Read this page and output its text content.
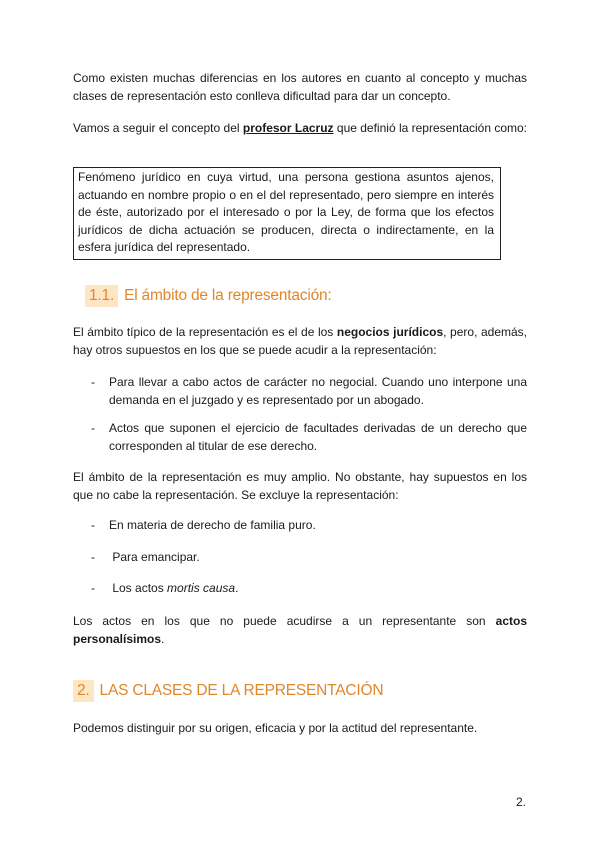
Como existen muchas diferencias en los autores en cuanto al concepto y muchas clases de representación esto conlleva dificultad para dar un concepto.

Vamos a seguir el concepto del profesor Lacruz que definió la representación como:

Fenómeno jurídico en cuya virtud, una persona gestiona asuntos ajenos, actuando en nombre propio o en el del representado, pero siempre en interés de éste, autorizado por el interesado o por la Ley, de forma que los efectos jurídicos de dicha actuación se producen, directa o indirectamente, en la esfera jurídica del representado.
1.1. El ámbito de la representación:

El ámbito típico de la representación es el de los negocios jurídicos, pero, además, hay otros supuestos en los que se puede acudir a la representación:

-	Para llevar a cabo actos de carácter no negocial. Cuando uno interpone una demanda en el juzgado y es representado por un abogado.
-	Actos que suponen el ejercicio de facultades derivadas de un derecho que corresponden al titular de ese derecho.

El ámbito de la representación es muy amplio. No obstante, hay supuestos en los que no cabe la representación. Se excluye la representación:

-	En materia de derecho de familia puro.
-	Para emancipar.
-	Los actos mortis causa.

Los actos en los que no puede acudirse a un representante son actos personalísimos.

2. LAS CLASES DE LA REPRESENTACIÓN

Podemos distinguir por su origen, eficacia y por la actitud del representante.

2.
